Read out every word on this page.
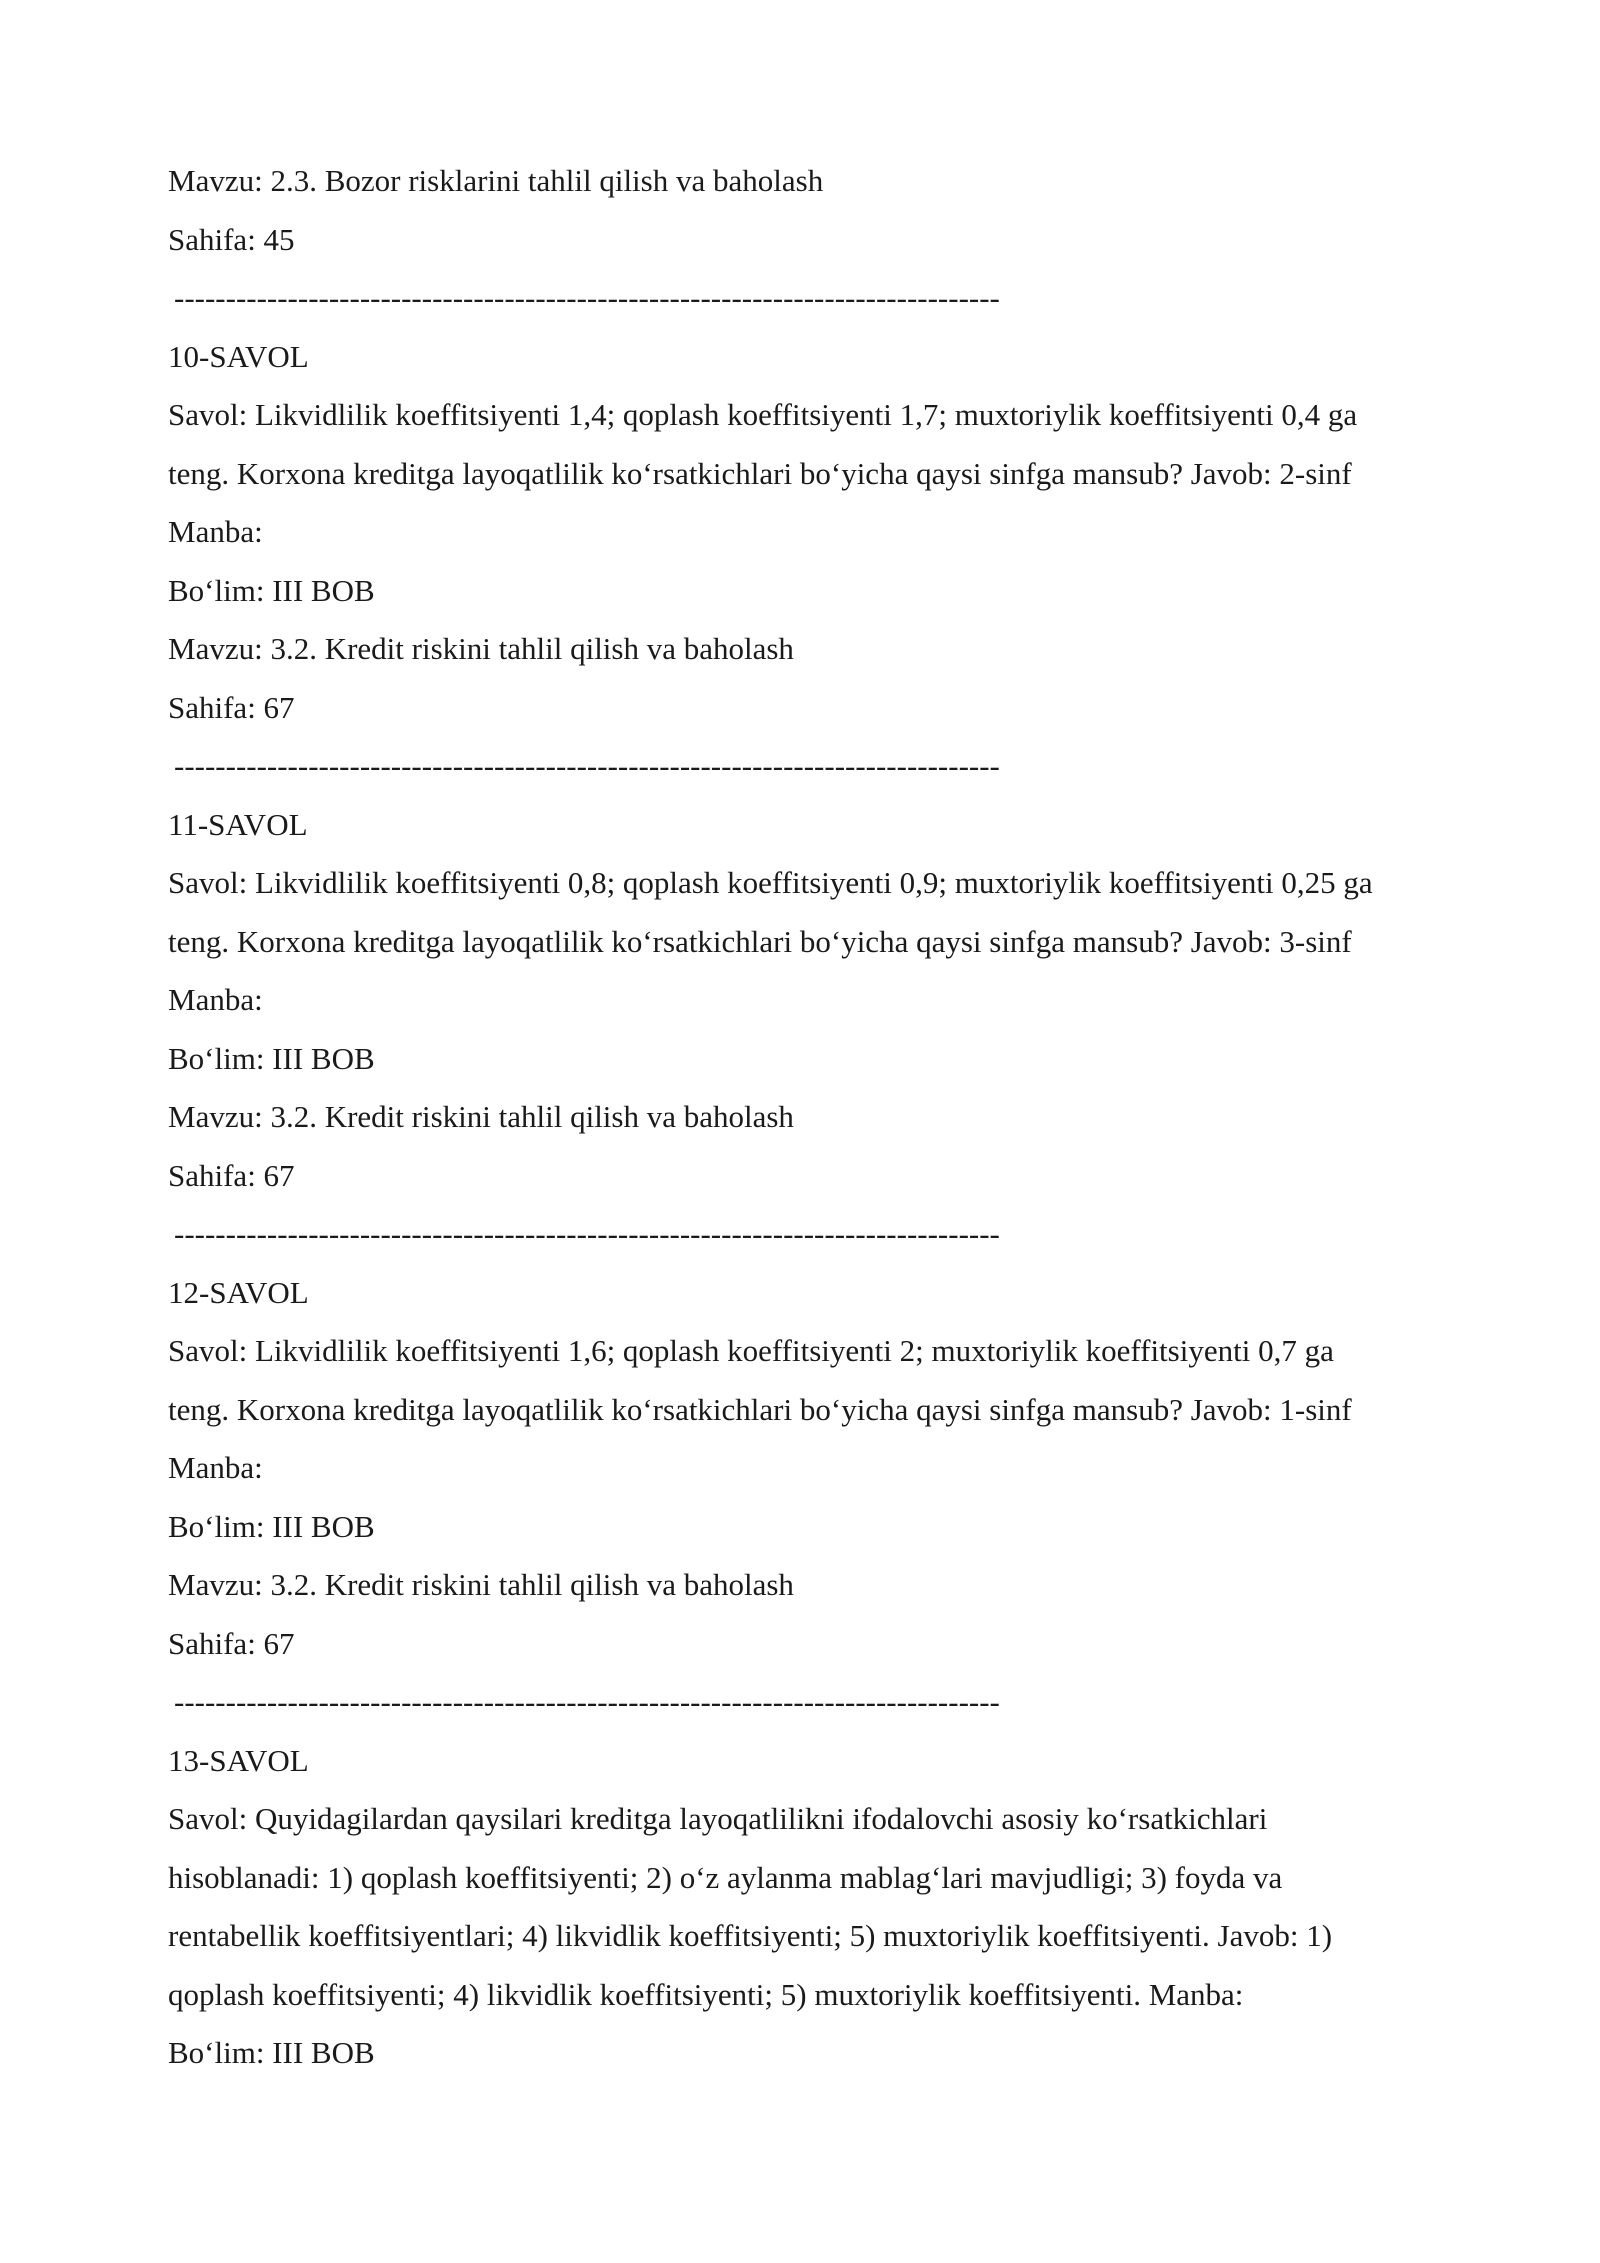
Mavzu: 2.3. Bozor risklarini tahlil qilish va baholash
Sahifa: 45
--------------------------------------------------------------------------------
10-SAVOL
Savol: Likvidlilik koeffitsiyenti 1,4; qoplash koeffitsiyenti 1,7; muxtoriylik koeffitsiyenti 0,4 ga
teng. Korxona kreditga layoqatlilik ko‘rsatkichlari bo‘yicha qaysi sinfga mansub? Javob: 2-sinf
Manba:
Bo‘lim: III BOB
Mavzu: 3.2. Kredit riskini tahlil qilish va baholash
Sahifa: 67
--------------------------------------------------------------------------------
11-SAVOL
Savol: Likvidlilik koeffitsiyenti 0,8; qoplash koeffitsiyenti 0,9; muxtoriylik koeffitsiyenti 0,25 ga
teng. Korxona kreditga layoqatlilik ko‘rsatkichlari bo‘yicha qaysi sinfga mansub? Javob: 3-sinf
Manba:
Bo‘lim: III BOB
Mavzu: 3.2. Kredit riskini tahlil qilish va baholash
Sahifa: 67
--------------------------------------------------------------------------------
12-SAVOL
Savol: Likvidlilik koeffitsiyenti 1,6; qoplash koeffitsiyenti 2; muxtoriylik koeffitsiyenti 0,7 ga
teng. Korxona kreditga layoqatlilik ko‘rsatkichlari bo‘yicha qaysi sinfga mansub? Javob: 1-sinf
Manba:
Bo‘lim: III BOB
Mavzu: 3.2. Kredit riskini tahlil qilish va baholash
Sahifa: 67
--------------------------------------------------------------------------------
13-SAVOL
Savol: Quyidagilardan qaysilari kreditga layoqatlilikni ifodalovchi asosiy ko‘rsatkichlari
hisoblanadi: 1) qoplash koeffitsiyenti; 2) o‘z aylanma mablag‘lari mavjudligi; 3) foyda va
rentabellik koeffitsiyentlari; 4) likvidlik koeffitsiyenti; 5) muxtoriylik koeffitsiyenti. Javob: 1)
qoplash koeffitsiyenti; 4) likvidlik koeffitsiyenti; 5) muxtoriylik koeffitsiyenti. Manba:
Bo‘lim: III BOB
